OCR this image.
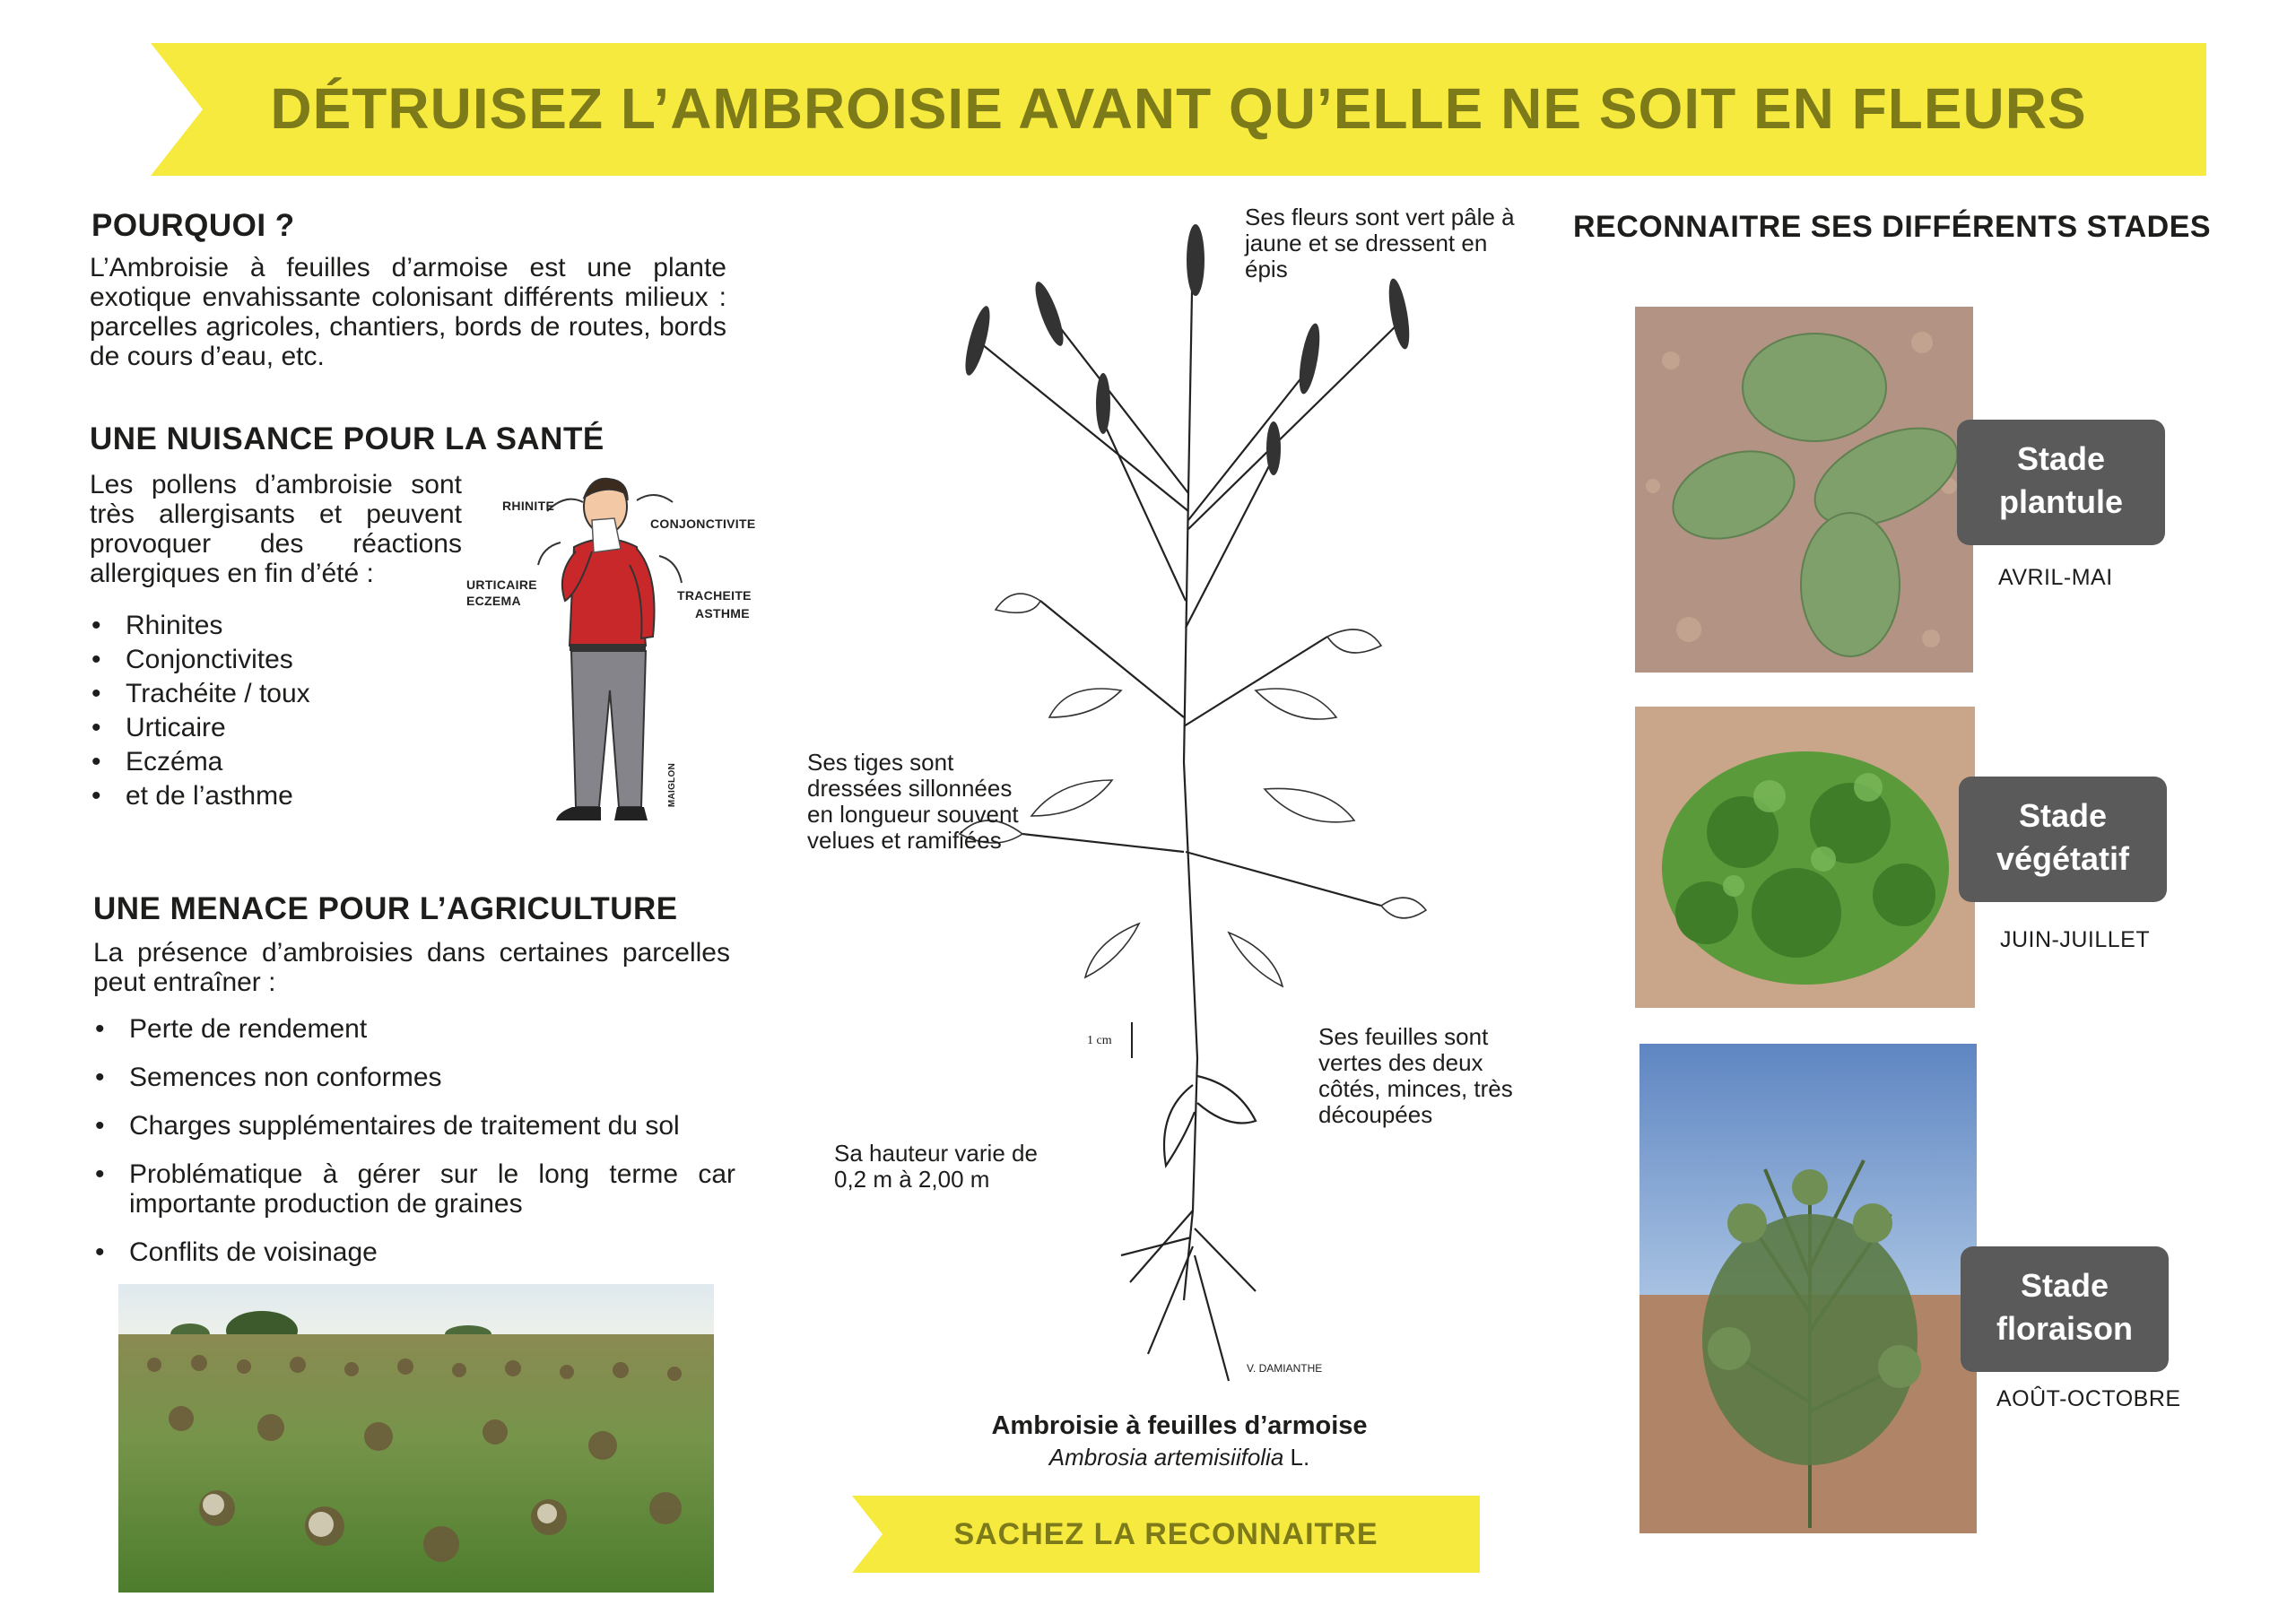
DÉTRUISEZ L’AMBROISIE AVANT QU’ELLE NE SOIT EN FLEURS
POURQUOI ?
L’Ambroisie à feuilles d’armoise est une plante exotique envahissante colonisant différents milieux : parcelles agricoles, chantiers, bords de routes, bords de cours d’eau, etc.
UNE NUISANCE POUR LA SANTÉ
Les pollens d’ambroisie sont très allergisants et peuvent provoquer des réactions allergiques en fin d’été :
• Rhinites
• Conjonctivites
• Trachéite / toux
• Urticaire
• Eczéma
• et de l’asthme
RHINITE
CONJONCTIVITE
URTICAIRE
ECZEMA	TRACHEITE
ASTHME
MAIGLON
UNE MENACE POUR L’AGRICULTURE
La présence d’ambroisies dans certaines parcelles peut entraîner :
• Perte de rendement
• Semences non conformes
• Charges supplémentaires de traitement du sol
• Problématique à gérer sur le long terme car importante production de graines
• Conflits de voisinage
1 cm
V. DAMIANTHE
Ses fleurs sont vert pâle à jaune et se dressent en épis
Ses tiges sont dressées sillonnées en longueur souvent velues et ramifiées
Ses feuilles sont vertes des deux côtés, minces, très découpées
Sa hauteur varie de 0,2 m à 2,00 m
Ambroisie à feuilles d’armoise
Ambrosia artemisiifolia L.
SACHEZ LA RECONNAITRE
RECONNAITRE SES DIFFÉRENTS STADES
Stade
plantule
AVRIL-MAI
Stade
végétatif
JUIN-JUILLET
Stade
floraison
AOÛT-OCTOBRE
